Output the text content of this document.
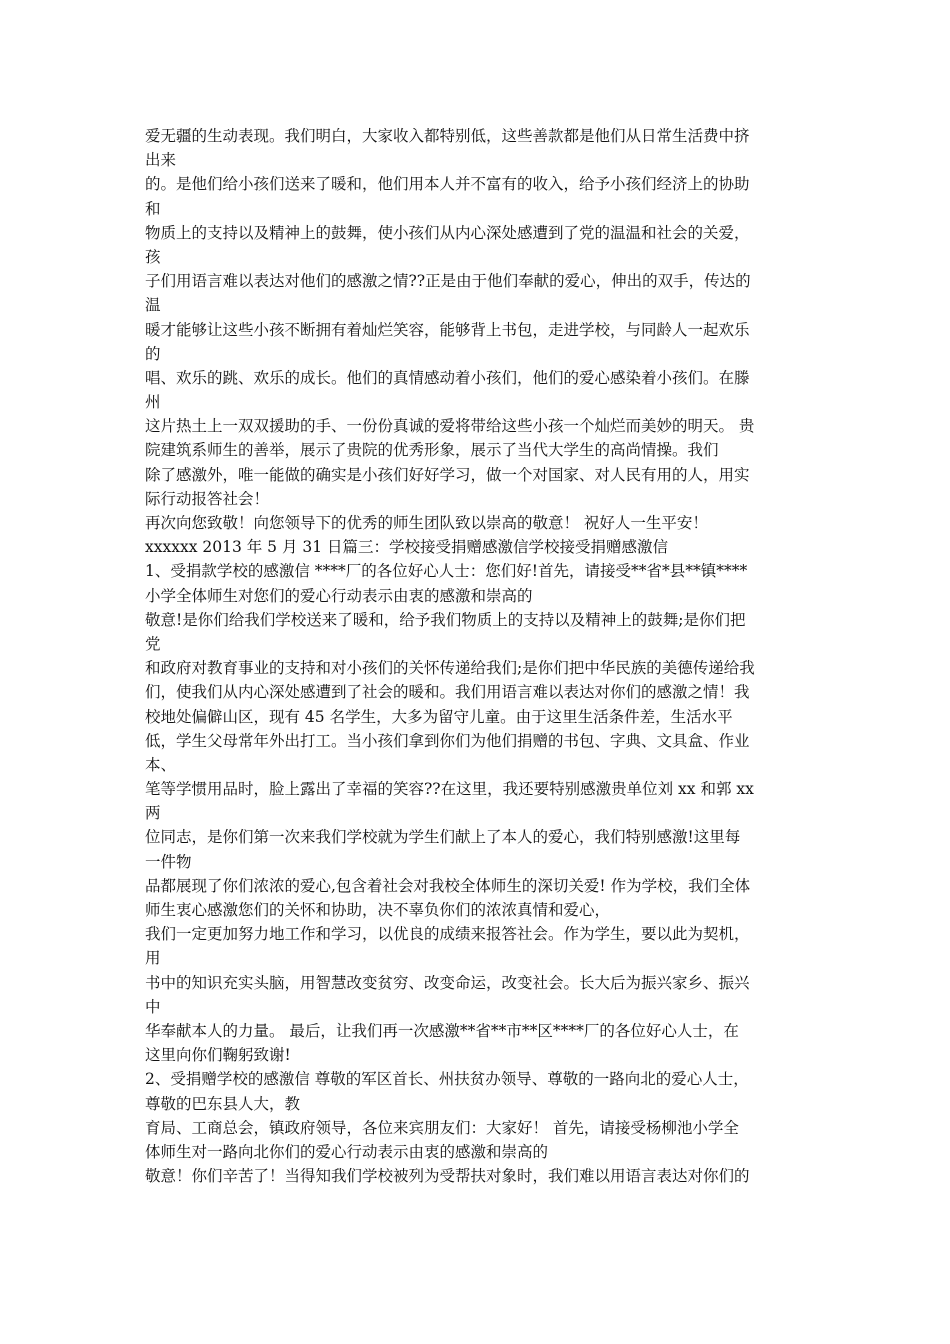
爱无疆的生动表现。我们明白，大家收入都特别低，这些善款都是他们从日常生活费中挤
出来
的。是他们给小孩们送来了暖和，他们用本人并不富有的收入，给予小孩们经济上的协助
和
物质上的支持以及精神上的鼓舞，使小孩们从内心深处感遭到了党的温温和社会的关爱，
孩
子们用语言难以表达对他们的感激之情??正是由于他们奉献的爱心，伸出的双手，传达的
温
暖才能够让这些小孩不断拥有着灿烂笑容，能够背上书包，走进学校，与同龄人一起欢乐
的
唱、欢乐的跳、欢乐的成长。他们的真情感动着小孩们，他们的爱心感染着小孩们。在滕
州
这片热土上一双双援助的手、一份份真诚的爱将带给这些小孩一个灿烂而美妙的明天。 贵
院建筑系师生的善举，展示了贵院的优秀形象，展示了当代大学生的高尚情操。我们
除了感激外，唯一能做的确实是小孩们好好学习，做一个对国家、对人民有用的人，用实
际行动报答社会！
再次向您致敬！向您领导下的优秀的师生团队致以崇高的敬意！ 祝好人一生平安！
xxxxxx 2013 年 5 月 31 日篇三：学校接受捐赠感激信学校接受捐赠感激信
1、受捐款学校的感激信 ****厂的各位好心人士：您们好!首先，请接受**省*县**镇****
小学全体师生对您们的爱心行动表示由衷的感激和崇高的
敬意!是你们给我们学校送来了暖和，给予我们物质上的支持以及精神上的鼓舞;是你们把
党
和政府对教育事业的支持和对小孩们的关怀传递给我们;是你们把中华民族的美德传递给我
们，使我们从内心深处感遭到了社会的暖和。我们用语言难以表达对你们的感激之情！我
校地处偏僻山区，现有 45 名学生，大多为留守儿童。由于这里生活条件差，生活水平
低，学生父母常年外出打工。当小孩们拿到你们为他们捐赠的书包、字典、文具盒、作业
本、
笔等学惯用品时，脸上露出了幸福的笑容??在这里，我还要特别感激贵单位刘 xx 和郭 xx
两
位同志，是你们第一次来我们学校就为学生们献上了本人的爱心，我们特别感激!这里每
一件物
品都展现了你们浓浓的爱心,包含着社会对我校全体师生的深切关爱! 作为学校，我们全体
师生衷心感激您们的关怀和协助，决不辜负你们的浓浓真情和爱心，
我们一定更加努力地工作和学习，以优良的成绩来报答社会。作为学生，要以此为契机，
用
书中的知识充实头脑，用智慧改变贫穷、改变命运，改变社会。长大后为振兴家乡、振兴
中
华奉献本人的力量。 最后，让我们再一次感激**省**市**区****厂的各位好心人士，在
这里向你们鞠躬致谢!
2、受捐赠学校的感激信 尊敬的军区首长、州扶贫办领导、尊敬的一路向北的爱心人士，
尊敬的巴东县人大，教
育局、工商总会，镇政府领导，各位来宾朋友们：大家好！ 首先，请接受杨柳池小学全
体师生对一路向北你们的爱心行动表示由衷的感激和崇高的
敬意！你们辛苦了！当得知我们学校被列为受帮扶对象时，我们难以用语言表达对你们的
